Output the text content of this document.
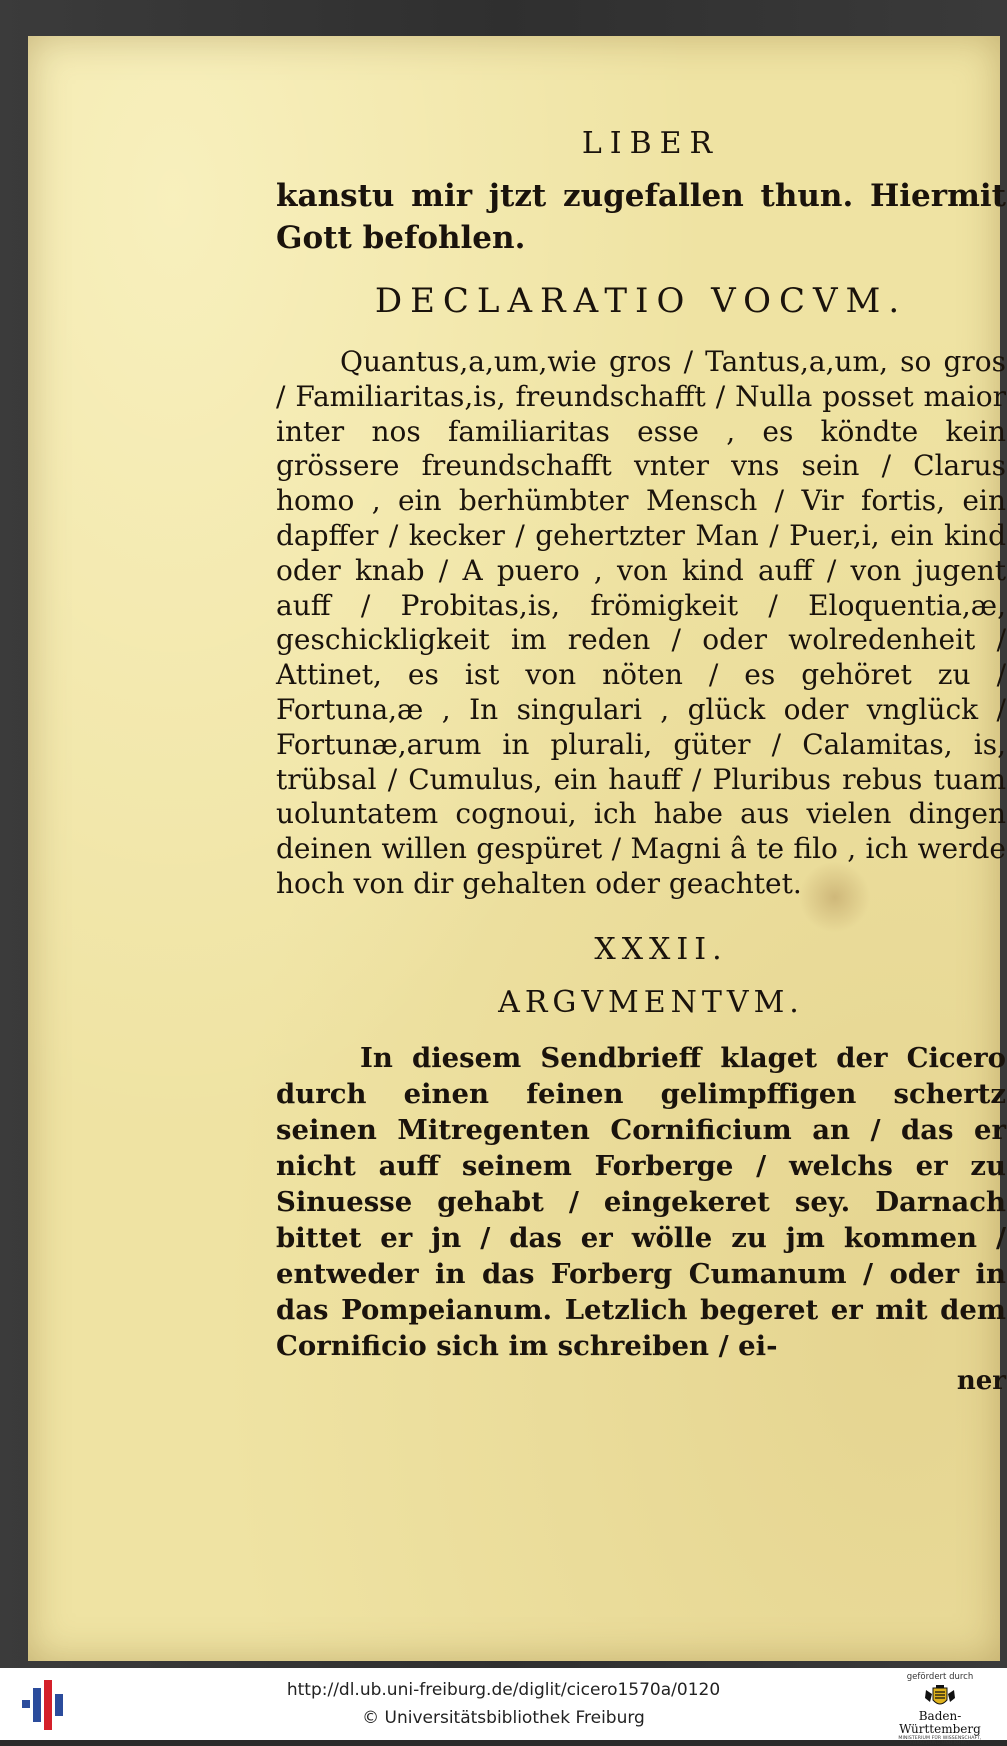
LIBER

kanstu mir jtzt zugefallen thun. Hiermit Gott befohlen.

DECLARATIO VOCVM.

Quantus,a,um,wie gros / Tantus,a,um, so gros / Familiaritas,is, freundschafft / Nulla posset maior inter nos familiaritas esse , es köndte kein grössere freundschafft vnter vns sein / Clarus homo , ein berhümbter Mensch / Vir fortis, ein dapffer / kecker / gehertzter Man / Puer,i, ein kind oder knab / A puero , von kind auff / von jugent auff / Probitas,is, frömigkeit / Eloquentia,æ, geschickligkeit im reden / oder wolredenheit / Attinet, es ist von nöten / es gehöret zu / Fortuna,æ , In singulari , glück oder vnglück / Fortunæ,arum in plurali, güter / Calamitas, is, trübsal / Cumulus, ein hauff / Pluribus rebus tuam uoluntatem cognoui, ich habe aus vielen dingen deinen willen gespüret / Magni â te filo , ich werde hoch von dir gehalten oder geachtet.

XXXII.
ARGVMENTVM.

In diesem Sendbrieff klaget der Cicero durch einen feinen gelimpffigen schertz seinen Mitregenten Cornificium an / das er nicht auff seinem Forberge / welchs er zu Sinuesse gehabt / eingekeret sey. Darnach bittet er jn / das er wölle zu jm kommen / entweder in das Forberg Cumanum / oder in das Pompeianum. Letzlich begeret er mit dem Cornificio sich im schreiben / ei-

ner
http://dl.ub.uni-freiburg.de/diglit/cicero1570a/0120
© Universitätsbibliothek Freiburg
gefördert durch
Baden-Württemberg
MINISTERIUM FÜR WISSENSCHAFT, FORSCHUNG UND KUNST
